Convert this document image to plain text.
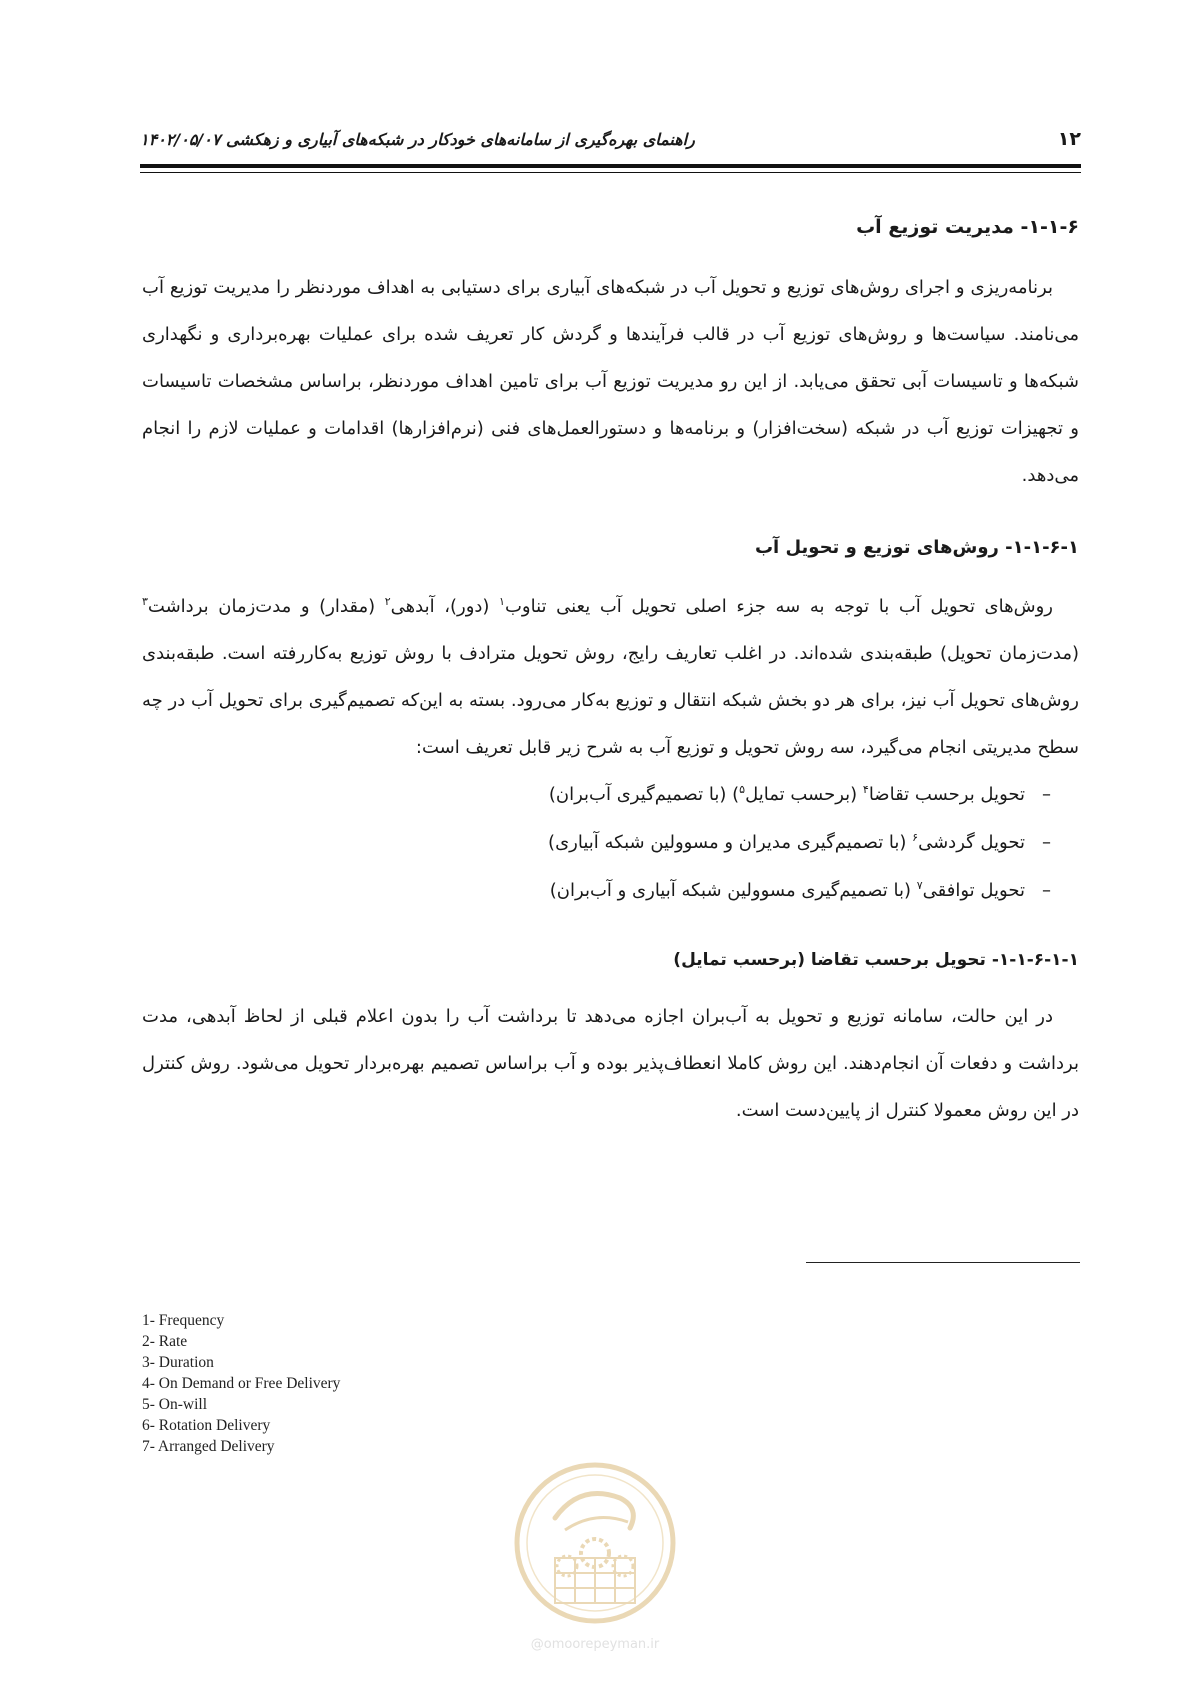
۱۲
راهنمای بهره‌گیری از سامانه‌های خودکار در شبکه‌های آبیاری و زهکشی ۱۴۰۲/۰۵/۰۷
۱-۱-۶- مدیریت توزیع آب

برنامه‌ریزی و اجرای روش‌های توزیع و تحویل آب در شبکه‌های آبیاری برای دستیابی به اهداف موردنظر را مدیریت توزیع آب می‌نامند. سیاست‌ها و روش‌های توزیع آب در قالب فرآیندها و گردش کار تعریف شده برای عملیات بهره‌برداری و نگهداری شبکه‌ها و تاسیسات آبی تحقق می‌یابد. از این رو مدیریت توزیع آب برای تامین اهداف موردنظر، براساس مشخصات تاسیسات و تجهیزات توزیع آب در شبکه (سخت‌افزار) و برنامه‌ها و دستورالعمل‌های فنی (نرم‌افزارها) اقدامات و عملیات لازم را انجام می‌دهد.

۱-۱-۶-۱- روش‌های توزیع و تحویل آب

روش‌های تحویل آب با توجه به سه جزء اصلی تحویل آب یعنی تناوب$^۱$ (دور)، آبدهی$^۲$ (مقدار) و مدت‌زمان برداشت$^۳$ (مدت‌زمان تحویل) طبقه‌بندی شده‌اند. در اغلب تعاریف رایج، روش تحویل مترادف با روش توزیع به‌کاررفته است. طبقه‌بندی روش‌های تحویل آب نیز، برای هر دو بخش شبکه انتقال و توزیع به‌کار می‌رود. بسته به این‌که تصمیم‌گیری برای تحویل آب در چه سطح مدیریتی انجام می‌گیرد، سه روش تحویل و توزیع آب به شرح زیر قابل تعریف است:

–تحویل برحسب تقاضا$^۴$ (برحسب تمایل$^۵$) (با تصمیم‌گیری آب‌بران)
–تحویل گردشی$^۶$ (با تصمیم‌گیری مدیران و مسوولین شبکه آبیاری)
–تحویل توافقی$^۷$ (با تصمیم‌گیری مسوولین شبکه آبیاری و آب‌بران)
۱-۱-۶-۱-۱- تحویل برحسب تقاضا (برحسب تمایل)

در این حالت، سامانه توزیع و تحویل به آب‌بران اجازه می‌دهد تا برداشت آب را بدون اعلام قبلی از لحاظ آبدهی، مدت برداشت و دفعات آن انجام‌دهند. این روش کاملا انعطاف‌پذیر بوده و آب براساس تصمیم بهره‌بردار تحویل می‌شود. روش کنترل در این روش معمولا کنترل از پایین‌دست است.

1- Frequency
2- Rate
3- Duration
4- On Demand or Free Delivery
5- On-will
6- Rotation Delivery
7- Arranged Delivery
@omoorepeyman.ir
